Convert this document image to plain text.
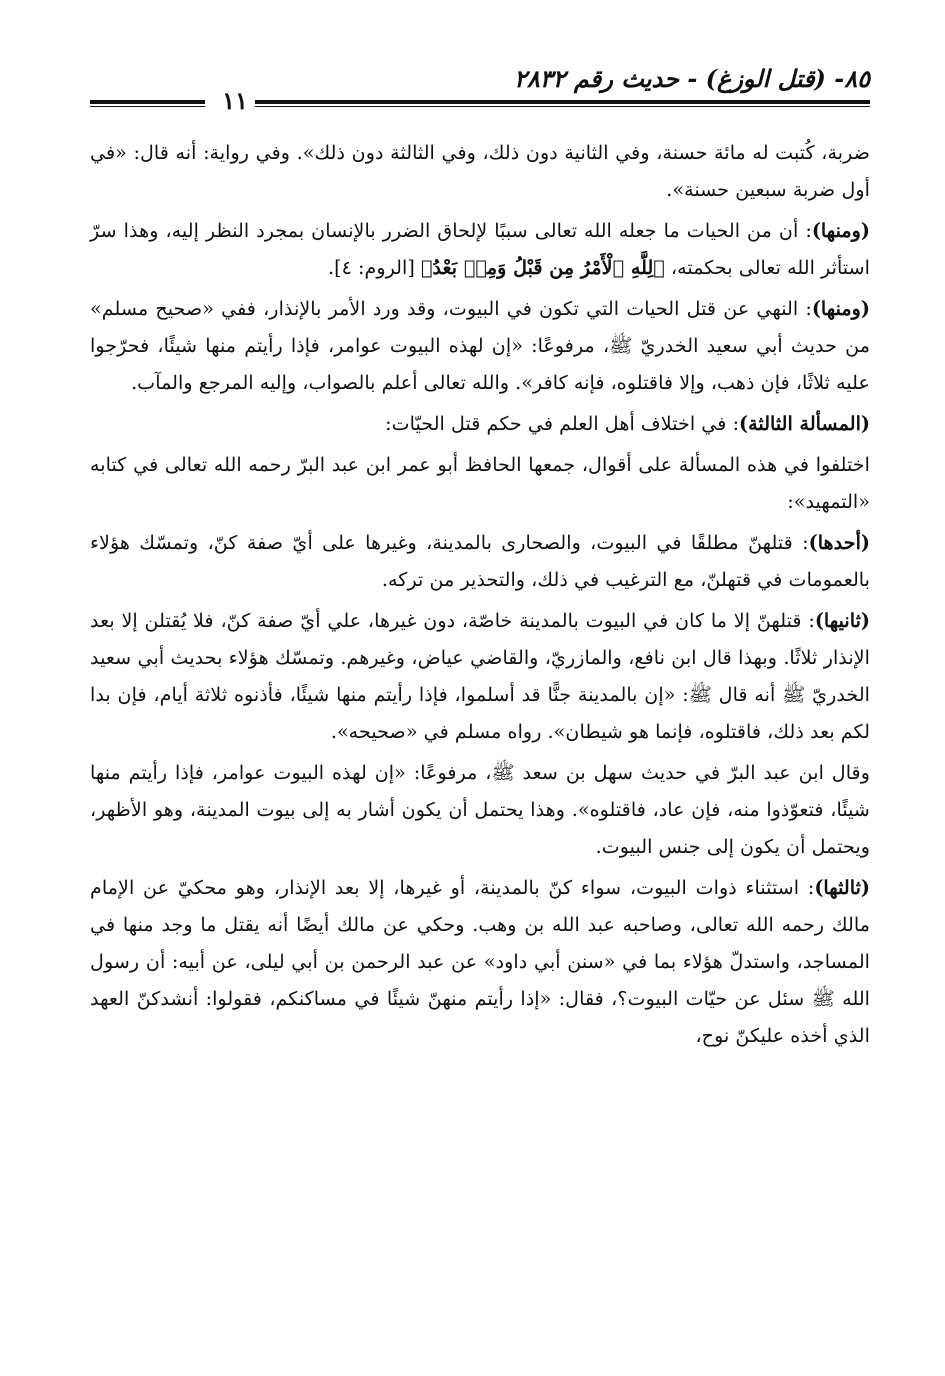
٨٥- (قتل الوزغ) - حديث رقم ٢٨٣٢
١١

ضربة، كُتبت له مائة حسنة، وفي الثانية دون ذلك، وفي الثالثة دون ذلك». وفي رواية: أنه قال: «في أول ضربة سبعين حسنة».

(ومنها): أن من الحيات ما جعله الله تعالى سببًا لإلحاق الضرر بالإنسان بمجرد النظر إليه، وهذا سرّ استأثر الله تعالى بحكمته، ﴿لِلَّهِ ٱلْأَمْرُ مِن قَبْلُ وَمِنۢ بَعْدُ﴾ [الروم: ٤].

(ومنها): النهي عن قتل الحيات التي تكون في البيوت، وقد ورد الأمر بالإنذار، ففي «صحيح مسلم» من حديث أبي سعيد الخدريّ ﷺ، مرفوعًا: «إن لهذه البيوت عوامر، فإذا رأيتم منها شيئًا، فحرّجوا عليه ثلاثًا، فإن ذهب، وإلا فاقتلوه، فإنه كافر». والله تعالى أعلم بالصواب، وإليه المرجع والمآب.

(المسألة الثالثة): في اختلاف أهل العلم في حكم قتل الحيّات:

اختلفوا في هذه المسألة على أقوال، جمعها الحافظ أبو عمر ابن عبد البرّ رحمه الله تعالى في كتابه «التمهيد»:

(أحدها): قتلهنّ مطلقًا في البيوت، والصحارى بالمدينة، وغيرها على أيّ صفة كنّ، وتمسّك هؤلاء بالعمومات في قتهلنّ، مع الترغيب في ذلك، والتحذير من تركه.

(ثانيها): قتلهنّ إلا ما كان في البيوت بالمدينة خاصّة، دون غيرها، علي أيّ صفة كنّ، فلا يُقتلن إلا بعد الإنذار ثلاثًا. وبهذا قال ابن نافع، والمازريّ، والقاضي عياض، وغيرهم. وتمسّك هؤلاء بحديث أبي سعيد الخدريّ ﷺ أنه قال ﷺ: «إن بالمدينة جنًّا قد أسلموا، فإذا رأيتم منها شيئًا، فأذنوه ثلاثة أيام، فإن بدا لكم بعد ذلك، فاقتلوه، فإنما هو شيطان». رواه مسلم في «صحيحه».

وقال ابن عبد البرّ في حديث سهل بن سعد ﷺ، مرفوعًا: «إن لهذه البيوت عوامر، فإذا رأيتم منها شيئًا، فتعوّذوا منه، فإن عاد، فاقتلوه». وهذا يحتمل أن يكون أشار به إلى بيوت المدينة، وهو الأظهر، ويحتمل أن يكون إلى جنس البيوت.

(ثالثها): استثناء ذوات البيوت، سواء كنّ بالمدينة، أو غيرها، إلا بعد الإنذار، وهو محكيّ عن الإمام مالك رحمه الله تعالى، وصاحبه عبد الله بن وهب. وحكي عن مالك أيضًا أنه يقتل ما وجد منها في المساجد، واستدلّ هؤلاء بما في «سنن أبي داود» عن عبد الرحمن بن أبي ليلى، عن أبيه: أن رسول الله ﷺ سئل عن حيّات البيوت؟، فقال: «إذا رأيتم منهنّ شيئًا في مساكنكم، فقولوا: أنشدكنّ العهد الذي أخذه عليكنّ نوح،
